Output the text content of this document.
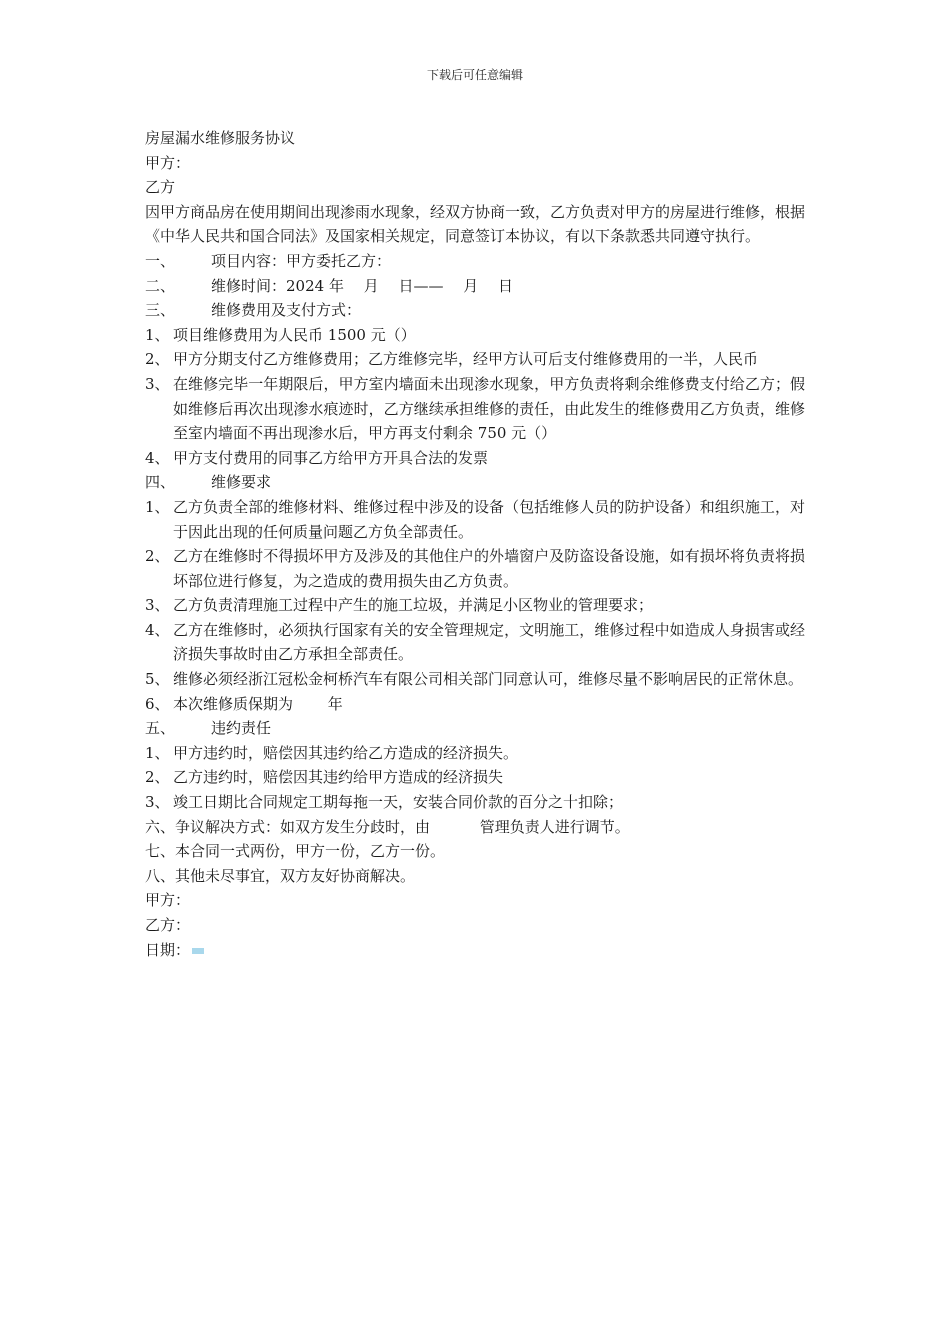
下载后可任意编辑
房屋漏水维修服务协议
甲方：
乙方
因甲方商品房在使用期间出现渗雨水现象，经双方协商一致，乙方负责对甲方的房屋进行维修，根据《中华人民共和国合同法》及国家相关规定，同意签订本协议，有以下条款悉共同遵守执行。
一、	项目内容：甲方委托乙方：
二、	维修时间：2024 年　 月　 日——　 月　 日
三、	维修费用及支付方式：
1、 项目维修费用为人民币 1500 元（）
2、 甲方分期支付乙方维修费用；乙方维修完毕，经甲方认可后支付维修费用的一半，人民币
3、 在维修完毕一年期限后，甲方室内墙面未出现渗水现象，甲方负责将剩余维修费支付给乙方；假如维修后再次出现渗水痕迹时，乙方继续承担维修的责任，由此发生的维修费用乙方负责，维修至室内墙面不再出现渗水后，甲方再支付剩余 750 元（）
4、 甲方支付费用的同事乙方给甲方开具合法的发票
四、	维修要求
1、 乙方负责全部的维修材料、维修过程中涉及的设备（包括维修人员的防护设备）和组织施工，对于因此出现的任何质量问题乙方负全部责任。
2、 乙方在维修时不得损坏甲方及涉及的其他住户的外墙窗户及防盗设备设施，如有损坏将负责将损坏部位进行修复，为之造成的费用损失由乙方负责。
3、 乙方负责清理施工过程中产生的施工垃圾，并满足小区物业的管理要求；
4、 乙方在维修时，必须执行国家有关的安全管理规定，文明施工，维修过程中如造成人身损害或经济损失事故时由乙方承担全部责任。
5、 维修必须经浙江冠松金柯桥汽车有限公司相关部门同意认可，维修尽量不影响居民的正常休息。
6、 本次维修质保期为　　 年
五、	违约责任
1、 甲方违约时，赔偿因其违约给乙方造成的经济损失。
2、 乙方违约时，赔偿因其违约给甲方造成的经济损失
3、 竣工日期比合同规定工期每拖一天，安装合同价款的百分之十扣除；
六、争议解决方式：如双方发生分歧时，由　　　 管理负责人进行调节。
七、本合同一式两份，甲方一份，乙方一份。
八、其他未尽事宜，双方友好协商解决。
甲方：
乙方：
日期：
